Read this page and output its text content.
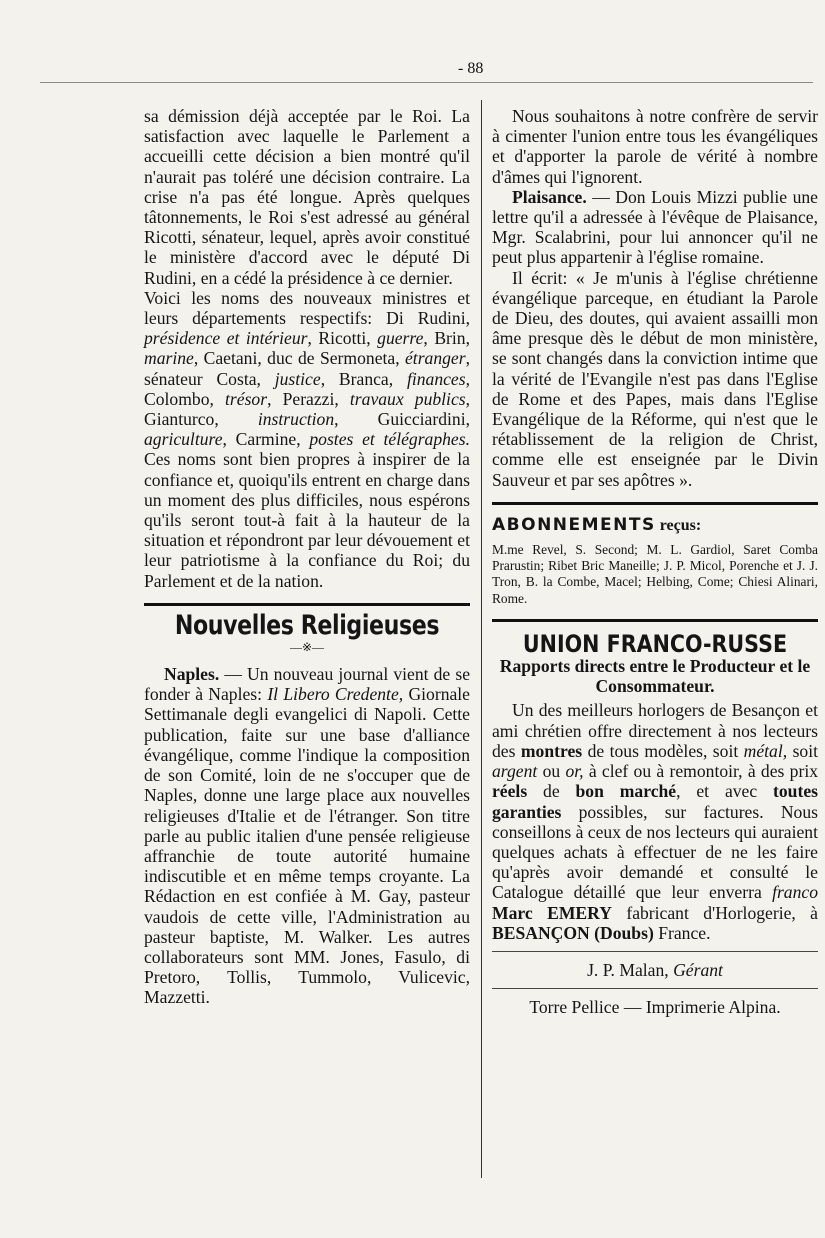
- 88

sa démission déjà acceptée par le Roi. La satisfaction avec laquelle le Parlement a accueilli cette décision a bien montré qu'il n'aurait pas toléré une décision contraire. La crise n'a pas été longue. Après quelques tâtonnements, le Roi s'est adressé au général Ricotti, sénateur, lequel, après avoir constitué le ministère d'accord avec le député Di Rudini, en a cédé la présidence à ce dernier.

Voici les noms des nouveaux ministres et leurs départements respectifs: Di Rudini, présidence et intérieur, Ricotti, guerre, Brin, marine, Caetani, duc de Sermoneta, étranger, sénateur Costa, justice, Branca, finances, Colombo, trésor, Perazzi, travaux publics, Gianturco, instruction, Guicciardini, agriculture, Carmine, postes et télégraphes. Ces noms sont bien propres à inspirer de la confiance et, quoiqu'ils entrent en charge dans un moment des plus difficiles, nous espérons qu'ils seront tout-à fait à la hauteur de la situation et répondront par leur dévouement et leur patriotisme à la confiance du Roi; du Parlement et de la nation.

Nouvelles Religieuses
—※—

Naples. — Un nouveau journal vient de se fonder à Naples: Il Libero Credente, Giornale Settimanale degli evangelici di Napoli. Cette publication, faite sur une base d'alliance évangélique, comme l'indique la composition de son Comité, loin de ne s'occuper que de Naples, donne une large place aux nouvelles religieuses d'Italie et de l'étranger. Son titre parle au public italien d'une pensée religieuse affranchie de toute autorité humaine indiscutible et en même temps croyante. La Rédaction en est confiée à M. Gay, pasteur vaudois de cette ville, l'Administration au pasteur baptiste, M. Walker. Les autres collaborateurs sont MM. Jones, Fasulo, di Pretoro, Tollis, Tummolo, Vulicevic, Mazzetti.

Nous souhaitons à notre confrère de servir à cimenter l'union entre tous les évangéliques et d'apporter la parole de vérité à nombre d'âmes qui l'ignorent.

Plaisance. — Don Louis Mizzi publie une lettre qu'il a adressée à l'évêque de Plaisance, Mgr. Scalabrini, pour lui annoncer qu'il ne peut plus appartenir à l'église romaine.

Il écrit: « Je m'unis à l'église chrétienne évangélique parceque, en étudiant la Parole de Dieu, des doutes, qui avaient assailli mon âme presque dès le début de mon ministère, se sont changés dans la conviction intime que la vérité de l'Evangile n'est pas dans l'Eglise de Rome et des Papes, mais dans l'Eglise Evangélique de la Réforme, qui n'est que le rétablissement de la religion de Christ, comme elle est enseignée par le Divin Sauveur et par ses apôtres ».

ABONNEMENTS reçus:

M.me Revel, S. Second; M. L. Gardiol, Saret Comba Prarustin; Ribet Bric Maneille; J. P. Micol, Porenche et J. J. Tron, B. la Combe, Macel; Helbing, Come; Chiesi Alinari, Rome.

UNION FRANCO-RUSSE
Rapports directs entre le Producteur et le Consommateur.

Un des meilleurs horlogers de Besançon et ami chrétien offre directement à nos lecteurs des montres de tous modèles, soit métal, soit argent ou or, à clef ou à remontoir, à des prix réels de bon marché, et avec toutes garanties possibles, sur factures. Nous conseillons à ceux de nos lecteurs qui auraient quelques achats à effectuer de ne les faire qu'après avoir demandé et consulté le Catalogue détaillé que leur enverra franco Marc EMERY fabricant d'Horlogerie, à BESANÇON (Doubs) France.

J. P. Malan, Gérant
Torre Pellice — Imprimerie Alpina.
